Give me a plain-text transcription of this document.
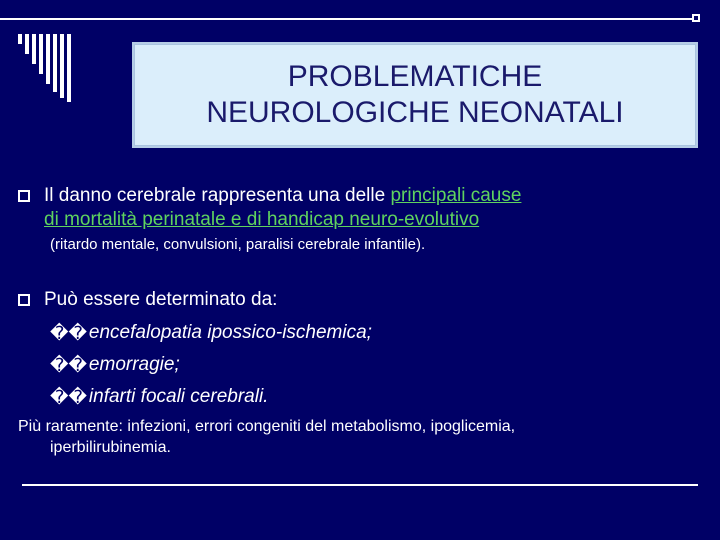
PROBLEMATICHE
NEUROLOGICHE NEONATALI
Il danno cerebrale rappresenta una delle principali cause
di mortalità perinatale e di handicap neuro-evolutivo
(ritardo mentale, convulsioni, paralisi cerebrale infantile).
Può essere determinato da:
�� encefalopatia ipossico-ischemica;
�� emorragie;
�� infarti focali cerebrali.
Più raramente: infezioni, errori congeniti del metabolismo, ipoglicemia,
iperbilirubinemia.
